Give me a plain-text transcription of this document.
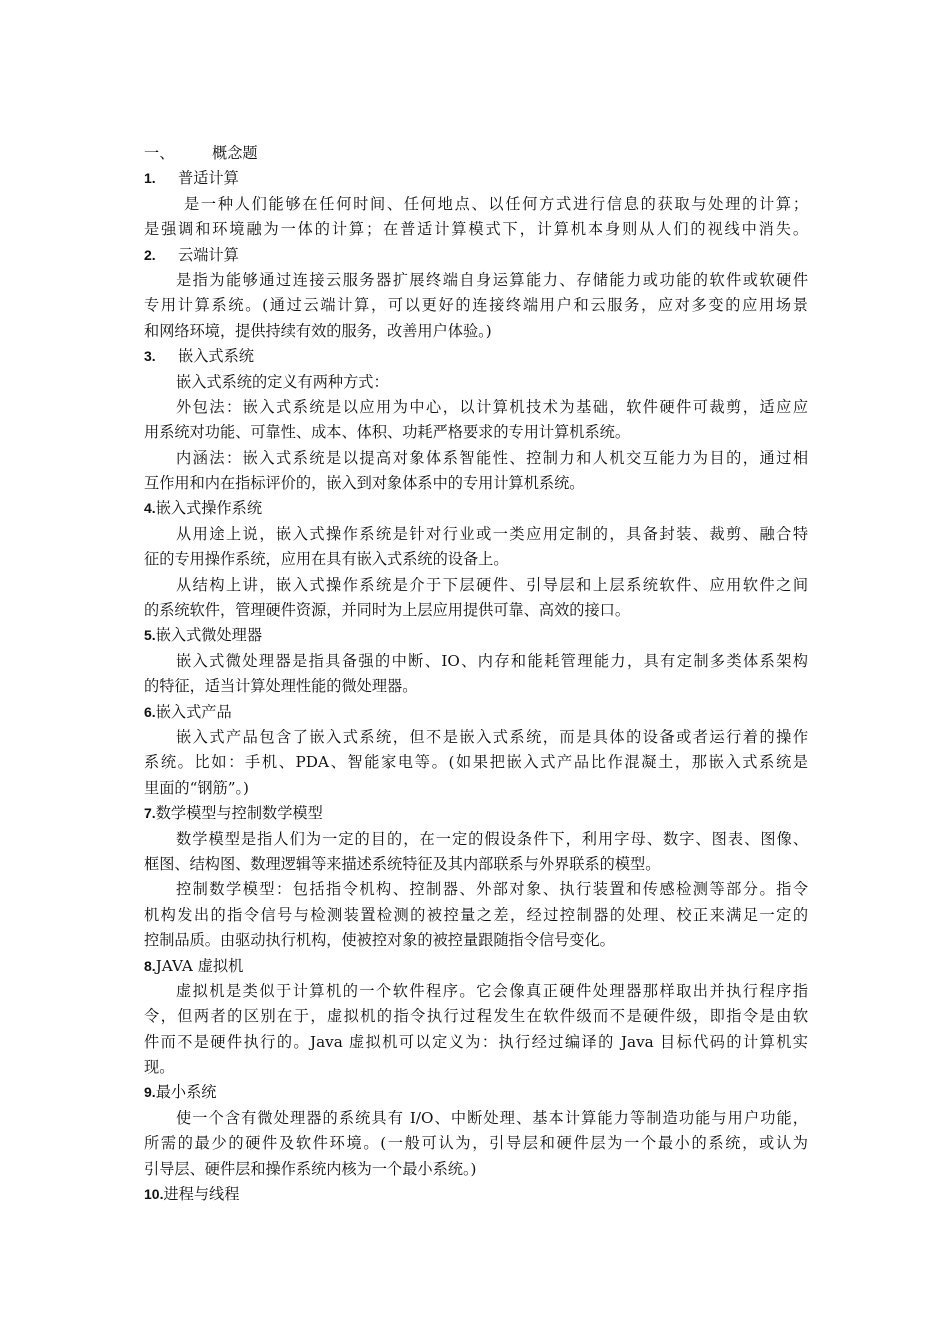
一、 概念题
1. 普适计算
是一种人们能够在任何时间、任何地点、以任何方式进行信息的获取与处理的计算；
是强调和环境融为一体的计算；在普适计算模式下，计算机本身则从人们的视线中消失。
2. 云端计算
是指为能够通过连接云服务器扩展终端自身运算能力、存储能力或功能的软件或软硬件
专用计算系统。(通过云端计算，可以更好的连接终端用户和云服务，应对多变的应用场景
和网络环境，提供持续有效的服务，改善用户体验。)
3. 嵌入式系统
嵌入式系统的定义有两种方式：
外包法：嵌入式系统是以应用为中心，以计算机技术为基础，软件硬件可裁剪，适应应
用系统对功能、可靠性、成本、体积、功耗严格要求的专用计算机系统。
内涵法：嵌入式系统是以提高对象体系智能性、控制力和人机交互能力为目的，通过相
互作用和内在指标评价的，嵌入到对象体系中的专用计算机系统。
4.嵌入式操作系统
从用途上说，嵌入式操作系统是针对行业或一类应用定制的，具备封装、裁剪、融合特
征的专用操作系统，应用在具有嵌入式系统的设备上。
从结构上讲，嵌入式操作系统是介于下层硬件、引导层和上层系统软件、应用软件之间
的系统软件，管理硬件资源，并同时为上层应用提供可靠、高效的接口。
5.嵌入式微处理器
嵌入式微处理器是指具备强的中断、IO、内存和能耗管理能力，具有定制多类体系架构
的特征，适当计算处理性能的微处理器。
6.嵌入式产品
嵌入式产品包含了嵌入式系统，但不是嵌入式系统，而是具体的设备或者运行着的操作
系统。比如：手机、PDA、智能家电等。(如果把嵌入式产品比作混凝土，那嵌入式系统是
里面的“钢筋”。)
7.数学模型与控制数学模型
数学模型是指人们为一定的目的，在一定的假设条件下，利用字母、数字、图表、图像、
框图、结构图、数理逻辑等来描述系统特征及其内部联系与外界联系的模型。
控制数学模型：包括指令机构、控制器、外部对象、执行装置和传感检测等部分。指令
机构发出的指令信号与检测装置检测的被控量之差，经过控制器的处理、校正来满足一定的
控制品质。由驱动执行机构，使被控对象的被控量跟随指令信号变化。
8.JAVA 虚拟机
虚拟机是类似于计算机的一个软件程序。它会像真正硬件处理器那样取出并执行程序指
令，但两者的区别在于，虚拟机的指令执行过程发生在软件级而不是硬件级，即指令是由软
件而不是硬件执行的。Java 虚拟机可以定义为：执行经过编译的 Java 目标代码的计算机实
现。
9.最小系统
使一个含有微处理器的系统具有 I/O、中断处理、基本计算能力等制造功能与用户功能，
所需的最少的硬件及软件环境。(一般可认为，引导层和硬件层为一个最小的系统，或认为
引导层、硬件层和操作系统内核为一个最小系统。)
10.进程与线程
